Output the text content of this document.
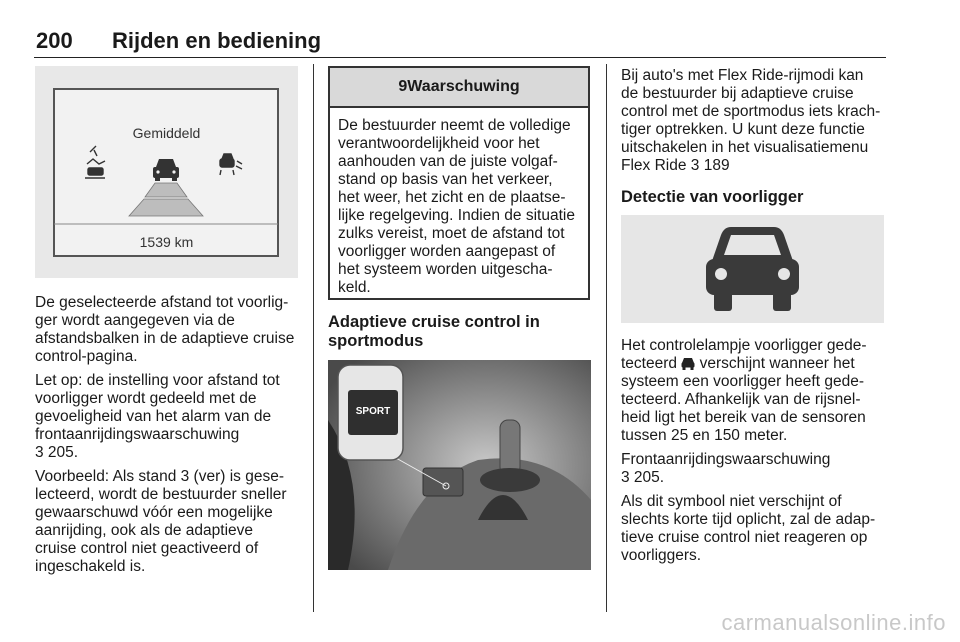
200 Rijden en bediening
Gemiddeld
1539 km

De geselecteerde afstand tot voorlig-
ger wordt aangegeven via de
afstandsbalken in de adaptieve cruise
control-pagina.

Let op: de instelling voor afstand tot
voorligger wordt gedeeld met de
gevoeligheid van het alarm van de
frontaanrijdingswaarschuwing
3 205.

Voorbeeld: Als stand 3 (ver) is gese-
lecteerd, wordt de bestuurder sneller
gewaarschuwd vóór een mogelijke
aanrijding, ook als de adaptieve
cruise control niet geactiveerd of
ingeschakeld is.

9 Waarschuwing
De bestuurder neemt de volledige
verantwoordelijkheid voor het
aanhouden van de juiste volgaf-
stand op basis van het verkeer,
het weer, het zicht en de plaatse-
lijke regelgeving. Indien de situatie
zulks vereist, moet de afstand tot
voorligger worden aangepast of
het systeem worden uitgescha-
keld.
Adaptieve cruise control in
sportmodus
SPORT

Bij auto's met Flex Ride-rijmodi kan
de bestuurder bij adaptieve cruise
control met de sportmodus iets krach-
tiger optrekken. U kunt deze functie
uitschakelen in het visualisatiemenu
Flex Ride 3 189

Detectie van voorligger

Het controlelampje voorligger gede-
tecteerd verschijnt wanneer het
systeem een voorligger heeft gede-
tecteerd. Afhankelijk van de rijsnel-
heid ligt het bereik van de sensoren
tussen 25 en 150 meter.

Frontaanrijdingswaarschuwing
3 205.

Als dit symbool niet verschijnt of
slechts korte tijd oplicht, zal de adap-
tieve cruise control niet reageren op
voorliggers.

carmanualsonline.info
